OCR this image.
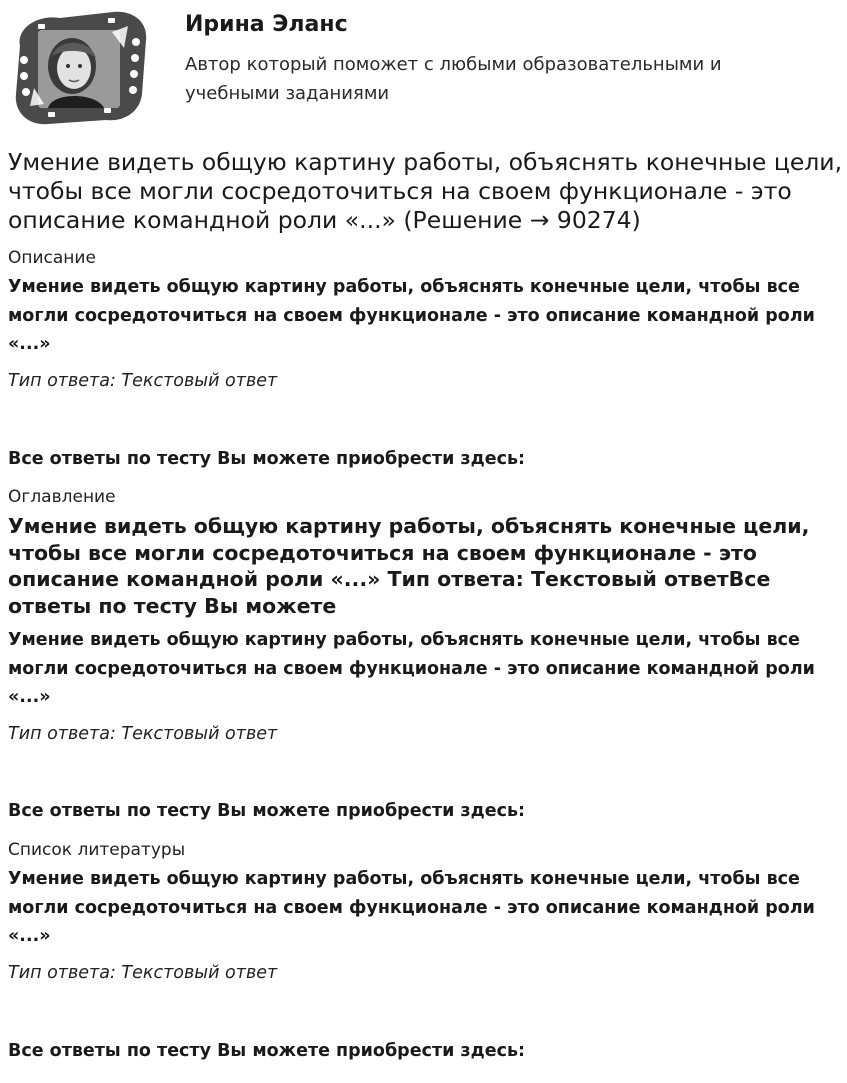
Ирина Эланс
Автор который поможет с любыми образовательными и учебными заданиями
Умение видеть общую картину работы, объяснять конечные цели, чтобы все могли сосредоточиться на своем функционале - это описание командной роли «...» (Решение → 90274)
Описание
Умение видеть общую картину работы, объяснять конечные цели, чтобы все могли сосредоточиться на своем функционале - это описание командной роли «...»
Тип ответа: Текстовый ответ
Все ответы по тесту Вы можете приобрести здесь:
Оглавление
Умение видеть общую картину работы, объяснять конечные цели, чтобы все могли сосредоточиться на своем функционале - это описание командной роли «...» Тип ответа: Текстовый ответВсе ответы по тесту Вы можете
Умение видеть общую картину работы, объяснять конечные цели, чтобы все могли сосредоточиться на своем функционале - это описание командной роли «...»
Тип ответа: Текстовый ответ
Все ответы по тесту Вы можете приобрести здесь:
Список литературы
Умение видеть общую картину работы, объяснять конечные цели, чтобы все могли сосредоточиться на своем функционале - это описание командной роли «...»
Тип ответа: Текстовый ответ
Все ответы по тесту Вы можете приобрести здесь:
